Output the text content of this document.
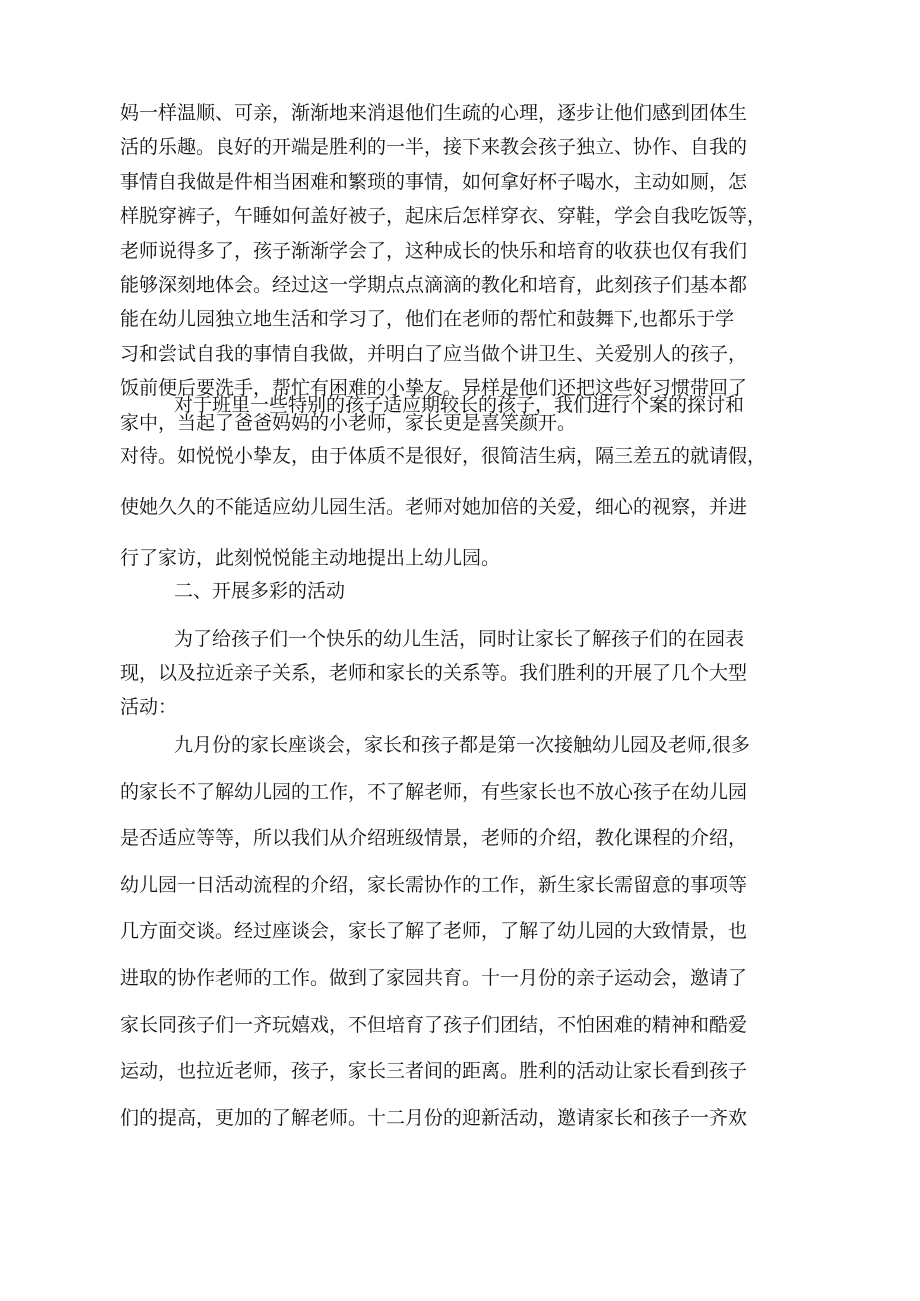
妈一样温顺、可亲，渐渐地来消退他们生疏的心理，逐步让他们感到团体生
活的乐趣。良好的开端是胜利的一半，接下来教会孩子独立、协作、自我的
事情自我做是件相当困难和繁琐的事情，如何拿好杯子喝水，主动如厕，怎
样脱穿裤子，午睡如何盖好被子，起床后怎样穿衣、穿鞋，学会自我吃饭等，
老师说得多了，孩子渐渐学会了，这种成长的快乐和培育的收获也仅有我们
能够深刻地体会。经过这一学期点点滴滴的教化和培育，此刻孩子们基本都
能在幼儿园独立地生活和学习了，他们在老师的帮忙和鼓舞下,也都乐于学
习和尝试自我的事情自我做，并明白了应当做个讲卫生、关爱别人的孩子，
饭前便后要洗手，帮忙有困难的小挚友。异样是他们还把这些好习惯带回了
家中，当起了爸爸妈妈的小老师，家长更是喜笑颜开。
对于班里一些特别的孩子适应期较长的孩子，我们进行个案的探讨和
对待。如悦悦小挚友，由于体质不是很好，很简洁生病，隔三差五的就请假，
使她久久的不能适应幼儿园生活。老师对她加倍的关爱，细心的视察，并进
行了家访，此刻悦悦能主动地提出上幼儿园。
二、开展多彩的活动
为了给孩子们一个快乐的幼儿生活，同时让家长了解孩子们的在园表
现，以及拉近亲子关系，老师和家长的关系等。我们胜利的开展了几个大型
活动：
九月份的家长座谈会，家长和孩子都是第一次接触幼儿园及老师,很多
的家长不了解幼儿园的工作，不了解老师，有些家长也不放心孩子在幼儿园
是否适应等等，所以我们从介绍班级情景，老师的介绍，教化课程的介绍，
幼儿园一日活动流程的介绍，家长需协作的工作，新生家长需留意的事项等
几方面交谈。经过座谈会，家长了解了老师，了解了幼儿园的大致情景，也
进取的协作老师的工作。做到了家园共育。十一月份的亲子运动会，邀请了
家长同孩子们一齐玩嬉戏，不但培育了孩子们团结，不怕困难的精神和酷爱
运动，也拉近老师，孩子，家长三者间的距离。胜利的活动让家长看到孩子
们的提高，更加的了解老师。十二月份的迎新活动，邀请家长和孩子一齐欢
